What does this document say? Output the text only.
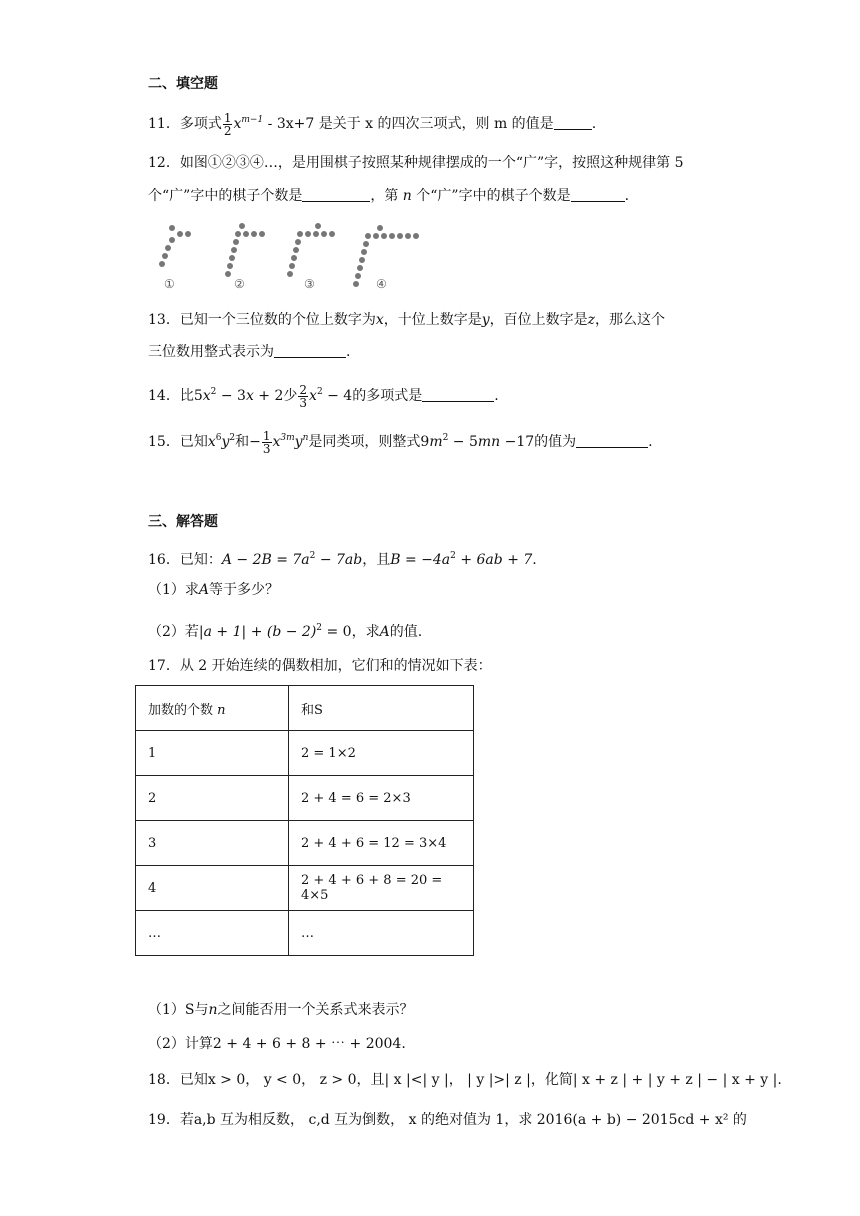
二、填空题
11．多项式 $\frac{1}{2} x^{m-1} - 3x+7$ 是关于 x 的四次三项式，则 m 的值是	.
12．如图①②③④…，是用围棋子按照某种规律摆成的一个“广”字，按照这种规律第 5
个“广”字中的棋子个数是	，第 n 个“广”字中的棋子个数是	.
①	②	③	④
13．已知一个三位数的个位上数字为x，十位上数字是y，百位上数字是z，那么这个
三位数用整式表示为	.
14．比$5x^2 - 3x + 2$少 $\frac{2}{3} x^2 - 4$的多项式是	.
15．已知$x^6y^2$和− $\frac{1}{3} x^{3m}y^n$是同类项，则整式$9m^2 - 5mn -17$的值为	.
三、解答题
16．已知：$A - 2B = 7a^2 - 7ab$，且$B = -4a^2 + 6ab + 7$.
（1）求A等于多少？
（2）若$|a + 1| + (b - 2)^2 = 0$，求A的值.
17．从 2 开始连续的偶数相加，它们和的情况如下表：
加数的个数 n	和S
1	2 = 1×2
2	2 + 4 = 6 = 2×3
3	2 + 4 + 6 = 12 = 3×4
4	2 + 4 + 6 + 8 = 20 = 4×5
…	…
（1）S与n之间能否用一个关系式来表示？
（2）计算2 + 4 + 6 + 8 + ⋯ + 2004.
18．已知x > 0， y < 0， z > 0，且| x |<| y |， | y |>| z |，化简| x + z | + | y + z | − | x + y |.
19．若a,b 互为相反数， c,d 互为倒数， x 的绝对值为 1，求 2016(a + b) − 2015cd + x² 的
